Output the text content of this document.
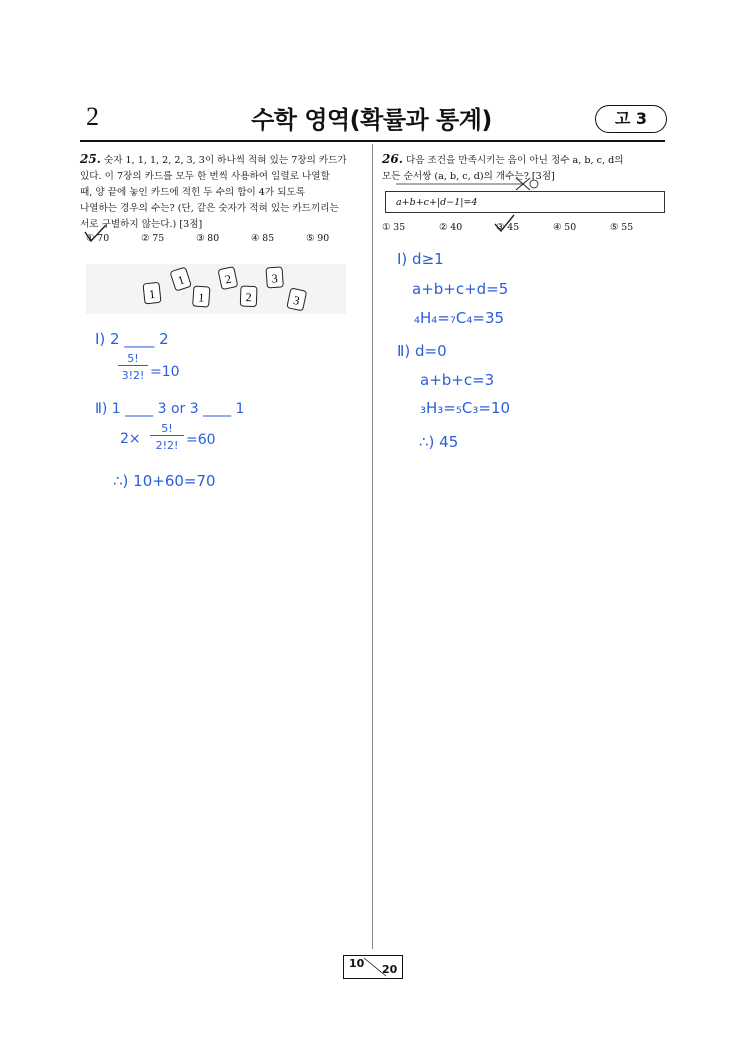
2	수학 영역(확률과 통계)	고 3
25. 숫자 1, 1, 1, 2, 2, 3, 3이 하나씩 적혀 있는 7장의 카드가
있다. 이 7장의 카드를 모두 한 번씩 사용하여 일렬로 나열할
때, 양 끝에 놓인 카드에 적힌 두 수의 합이 4가 되도록
나열하는 경우의 수는? (단, 같은 숫자가 적혀 있는 카드끼리는
서로 구별하지 않는다.) [3점]
① 70	② 75	③ 80	④ 85	⑤ 90
1
1
1
2
2
3
3
Ⅰ) 2 ____ 2
5!
3!2! =10
Ⅱ) 1 ____ 3 or 3 ____ 1
2×
5!
2!2! =60
∴) 10+60=70
26. 다음 조건을 만족시키는 음이 아닌 정수 a, b, c, d의
모든 순서쌍 (a, b, c, d)의 개수는? [3점]
a+b+c+|d−1|=4
① 35	② 40	③ 45	④ 50	⑤ 55
Ⅰ) d≥1
a+b+c+d=5
₄H₄=₇C₄=35
Ⅱ) d=0
a+b+c=3
₃H₃=₅C₃=10
∴) 45
10 20
